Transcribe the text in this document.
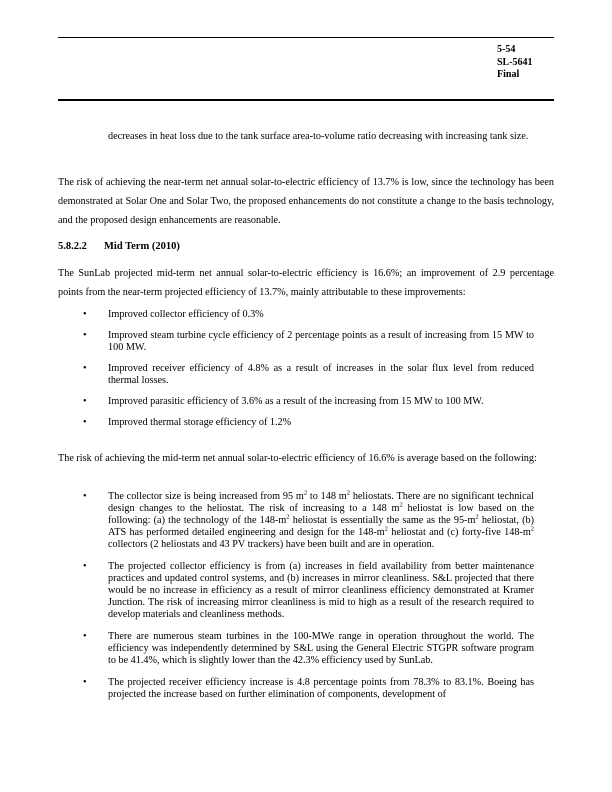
5-54
SL-5641
Final
decreases in heat loss due to the tank surface area-to-volume ratio decreasing with increasing tank size.
The risk of achieving the near-term net annual solar-to-electric efficiency of 13.7% is low, since the technology has been demonstrated at Solar One and Solar Two, the proposed enhancements do not constitute a change to the basis technology, and the proposed design enhancements are reasonable.
5.8.2.2 Mid Term (2010)
The SunLab projected mid-term net annual solar-to-electric efficiency is 16.6%; an improvement of 2.9 percentage points from the near-term projected efficiency of 13.7%, mainly attributable to these improvements:
• Improved collector efficiency of 0.3%
• Improved steam turbine cycle efficiency of 2 percentage points as a result of increasing from 15 MW to 100 MW.
• Improved receiver efficiency of 4.8% as a result of increases in the solar flux level from reduced thermal losses.
• Improved parasitic efficiency of 3.6% as a result of the increasing from 15 MW to 100 MW.
• Improved thermal storage efficiency of 1.2%
The risk of achieving the mid-term net annual solar-to-electric efficiency of 16.6% is average based on the following:
• The collector size is being increased from 95 $m^2$ to 148 $m^2$ heliostats. There are no significant technical design changes to the heliostat. The risk of increasing to a 148 $m^2$ heliostat is low based on the following: (a) the technology of the $148-m^2$ heliostat is essentially the same as the $95-m^2$ heliostat, (b) ATS has performed detailed engineering and design for the $148-m^2$ heliostat and (c) forty-five $148-m^2$ collectors (2 heliostats and 43 PV trackers) have been built and are in operation.
• The projected collector efficiency is from (a) increases in field availability from better maintenance practices and updated control systems, and (b) increases in mirror cleanliness. S&L projected that there would be no increase in efficiency as a result of mirror cleanliness efficiency demonstrated at Kramer Junction. The risk of increasing mirror cleanliness is mid to high as a result of the research required to develop materials and cleanliness methods.
• There are numerous steam turbines in the 100-MWe range in operation throughout the world. The efficiency was independently determined by S&L using the General Electric STGPR software program to be 41.4%, which is slightly lower than the 42.3% efficiency used by SunLab.
• The projected receiver efficiency increase is 4.8 percentage points from 78.3% to 83.1%. Boeing has projected the increase based on further elimination of components, development of
